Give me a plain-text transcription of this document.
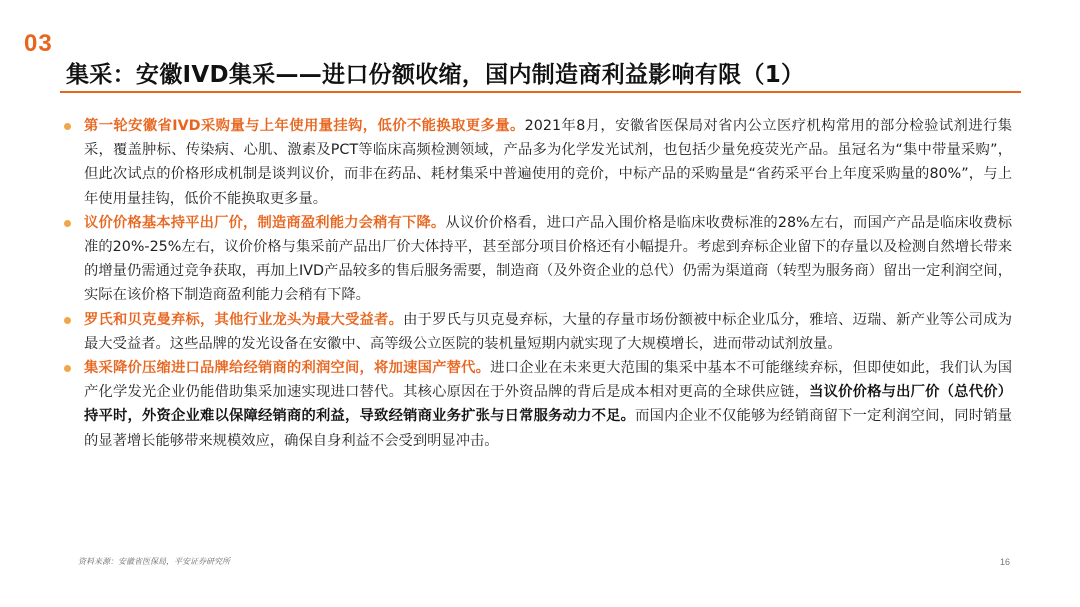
03
集采：安徽IVD集采——进口份额收缩，国内制造商利益影响有限（1）
第一轮安徽省IVD采购量与上年使用量挂钩，低价不能换取更多量。2021年8月，安徽省医保局对省内公立医疗机构常用的部分检验试剂进行集采，覆盖肿标、传染病、心肌、激素及PCT等临床高频检测领域，产品多为化学发光试剂，也包括少量免疫荧光产品。虽冠名为“集中带量采购”，但此次试点的价格形成机制是谈判议价，而非在药品、耗材集采中普遍使用的竞价，中标产品的采购量是“省药采平台上年度采购量的80%”，与上年使用量挂钩，低价不能换取更多量。
议价价格基本持平出厂价，制造商盈利能力会稍有下降。从议价价格看，进口产品入围价格是临床收费标准的28%左右，而国产产品是临床收费标准的20%-25%左右，议价价格与集采前产品出厂价大体持平，甚至部分项目价格还有小幅提升。考虑到弃标企业留下的存量以及检测自然增长带来的增量仍需通过竞争获取，再加上IVD产品较多的售后服务需要，制造商（及外资企业的总代）仍需为渠道商（转型为服务商）留出一定利润空间，实际在该价格下制造商盈利能力会稍有下降。
罗氏和贝克曼弃标，其他行业龙头为最大受益者。由于罗氏与贝克曼弃标，大量的存量市场份额被中标企业瓜分，雅培、迈瑞、新产业等公司成为最大受益者。这些品牌的发光设备在安徽中、高等级公立医院的装机量短期内就实现了大规模增长，进而带动试剂放量。
集采降价压缩进口品牌给经销商的利润空间，将加速国产替代。进口企业在未来更大范围的集采中基本不可能继续弃标，但即使如此，我们认为国产化学发光企业仍能借助集采加速实现进口替代。其核心原因在于外资品牌的背后是成本相对更高的全球供应链，当议价价格与出厂价（总代价）持平时，外资企业难以保障经销商的利益，导致经销商业务扩张与日常服务动力不足。而国内企业不仅能够为经销商留下一定利润空间，同时销量的显著增长能够带来规模效应，确保自身利益不会受到明显冲击。
资料来源：安徽省医保局，平安证券研究所	16
